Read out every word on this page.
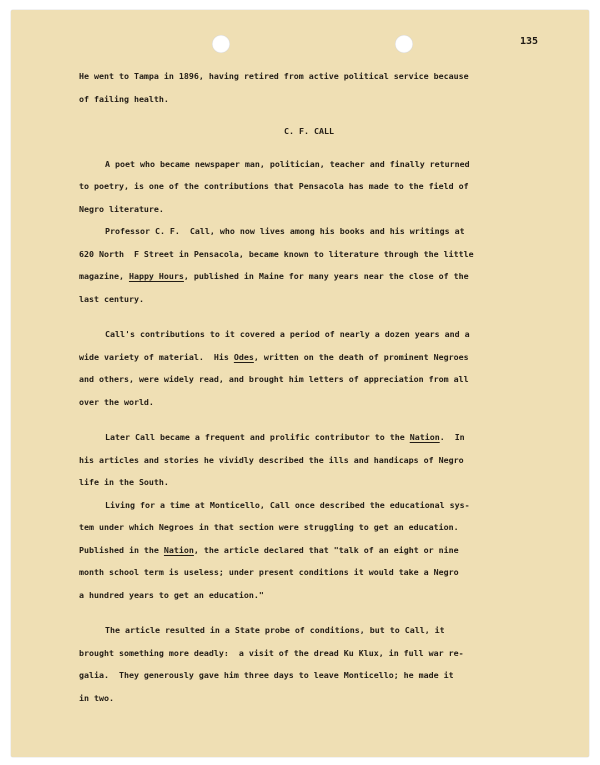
135
He went to Tampa in 1896, having retired from active political service because
of failing health.
C. F. CALL
A poet who became newspaper man, politician, teacher and finally returned
to poetry, is one of the contributions that Pensacola has made to the field of
Negro literature.
Professor C. F.  Call, who now lives among his books and his writings at
620 North  F Street in Pensacola, became known to literature through the little
magazine, Happy Hours, published in Maine for many years near the close of the
last century.
Call's contributions to it covered a period of nearly a dozen years and a
wide variety of material.  His Odes, written on the death of prominent Negroes
and others, were widely read, and brought him letters of appreciation from all
over the world.
Later Call became a frequent and prolific contributor to the Nation.  In
his articles and stories he vividly described the ills and handicaps of Negro
life in the South.
Living for a time at Monticello, Call once described the educational sys-
tem under which Negroes in that section were struggling to get an education.
Published in the Nation, the article declared that "talk of an eight or nine
month school term is useless; under present conditions it would take a Negro
a hundred years to get an education."
The article resulted in a State probe of conditions, but to Call, it
brought something more deadly:  a visit of the dread Ku Klux, in full war re-
galia.  They generously gave him three days to leave Monticello; he made it
in two.
